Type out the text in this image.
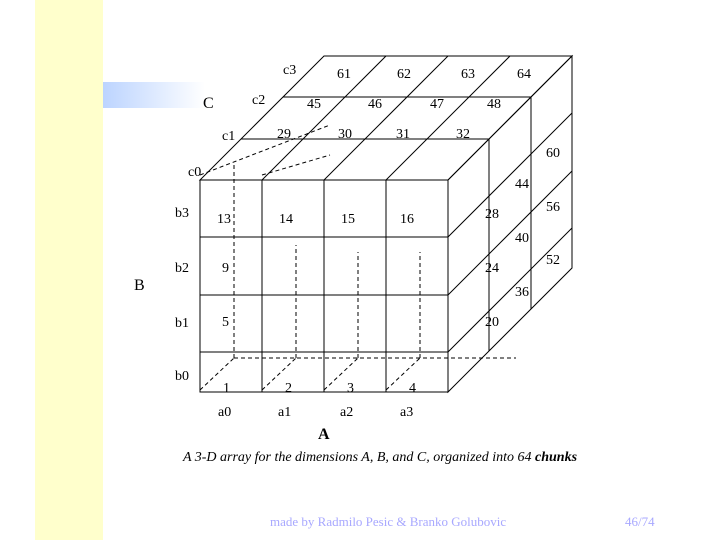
13	14	15	16
9
5
1	2	3	4
29	30	31	32
45	46	47	48
61	62	63	64
28
24
20
44
40
36
60
56
52
a0	a1	a2	a3
b3
b2
b1
b0
c3
c2
c1
c0
C
B
A
A 3-D array for the dimensions A, B, and C, organized into 64 chunks
made by Radmilo Pesic & Branko Golubovic	46/74
